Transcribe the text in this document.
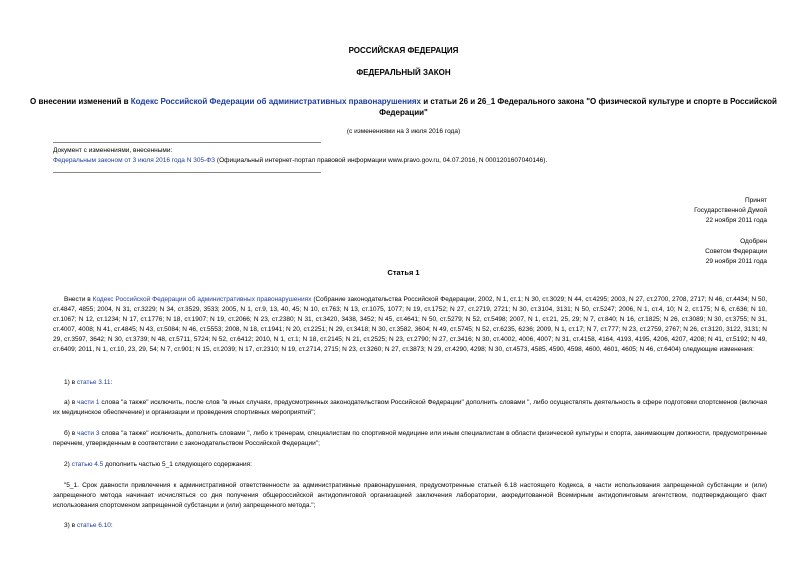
РОССИЙСКАЯ ФЕДЕРАЦИЯ
ФЕДЕРАЛЬНЫЙ ЗАКОН
О внесении изменений в Кодекс Российской Федерации об административных правонарушениях и статьи 26 и 26_1 Федерального закона "О физической культуре и спорте в Российской Федерации"
(с изменениями на 3 июля 2016 года)
Документ с изменениями, внесенными:
Федеральным законом от 3 июля 2016 года N 305-ФЗ (Официальный интернет-портал правовой информации www.pravo.gov.ru, 04.07.2016, N 0001201607040146).
Принят
Государственной Думой
22 ноября 2011 года
Одобрен
Советом Федерации
29 ноября 2011 года
Статья 1
Внести в Кодекс Российской Федерации об административных правонарушениях (Собрание законодательства Российской Федерации, 2002, N 1, ст.1; N 30, ст.3029; N 44, ст.4295; 2003, N 27, ст.2700, 2708, 2717; N 46, ст.4434; N 50, ст.4847, 4855; 2004, N 31, ст.3229; N 34, ст.3529, 3533; 2005, N 1, ст.9, 13, 40, 45; N 10, ст.763; N 13, ст.1075, 1077; N 19, ст.1752; N 27, ст.2719, 2721; N 30, ст.3104, 3131; N 50, ст.5247; 2006, N 1, ст.4, 10; N 2, ст.175; N 6, ст.636; N 10, ст.1067; N 12, ст.1234; N 17, ст.1776; N 18, ст.1907; N 19, ст.2066; N 23, ст.2380; N 31, ст.3420, 3438, 3452; N 45, ст.4641; N 50, ст.5279; N 52, ст.5498; 2007, N 1, ст.21, 25, 29; N 7, ст.840; N 16, ст.1825; N 26, ст.3089; N 30, ст.3755; N 31, ст.4007, 4008; N 41, ст.4845; N 43, ст.5084; N 46, ст.5553; 2008, N 18, ст.1941; N 20, ст.2251; N 29, ст.3418; N 30, ст.3582, 3604; N 49, ст.5745; N 52, ст.6235, 6236; 2009, N 1, ст.17; N 7, ст.777; N 23, ст.2759, 2767; N 26, ст.3120, 3122, 3131; N 29, ст.3597, 3642; N 30, ст.3739; N 48, ст.5711, 5724; N 52, ст.6412; 2010, N 1, ст.1; N 18, ст.2145; N 21, ст.2525; N 23, ст.2790; N 27, ст.3416; N 30, ст.4002, 4006, 4007; N 31, ст.4158, 4164, 4193, 4195, 4206, 4207, 4208; N 41, ст.5192; N 49, ст.6409; 2011, N 1, ст.10, 23, 29, 54; N 7, ст.901; N 15, ст.2039; N 17, ст.2310; N 19, ст.2714, 2715; N 23, ст.3260; N 27, ст.3873; N 29, ст.4290, 4298; N 30, ст.4573, 4585, 4590, 4598, 4600, 4601, 4605; N 46, ст.6404) следующие изменения:
1) в статье 3.11:
а) в части 1 слова "а также" исключить, после слов "в иных случаях, предусмотренных законодательством Российской Федерации" дополнить словами ", либо осуществлять деятельность в сфере подготовки спортсменов (включая их медицинское обеспечение) и организации и проведения спортивных мероприятий";
б) в части 3 слова "а также" исключить, дополнить словами ", либо к тренерам, специалистам по спортивной медицине или иным специалистам в области физической культуры и спорта, занимающим должности, предусмотренные перечнем, утвержденным в соответствии с законодательством Российской Федерации";
2) статью 4.5 дополнить частью 5_1 следующего содержания:
"5_1. Срок давности привлечения к административной ответственности за административные правонарушения, предусмотренные статьей 6.18 настоящего Кодекса, в части использования запрещенной субстанции и (или) запрещенного метода начинает исчисляться со дня получения общероссийской антидопинговой организацией заключения лаборатории, аккредитованной Всемирным антидопинговым агентством, подтверждающего факт использования спортсменом запрещенной субстанции и (или) запрещенного метода.";
3) в статье 6.10:
